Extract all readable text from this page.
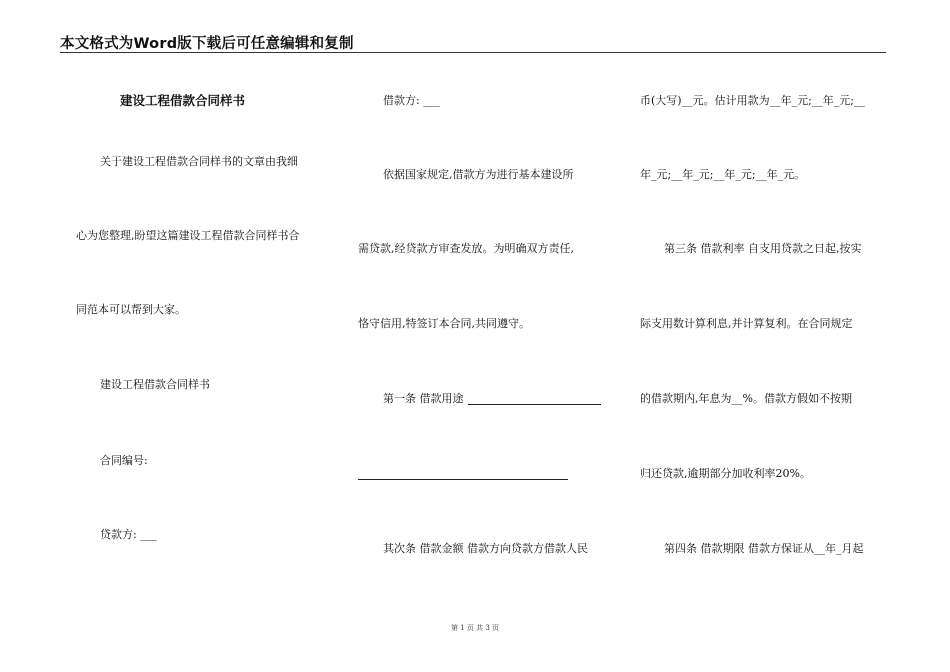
本文格式为Word版下载后可任意编辑和复制
建设工程借款合同样书
关于建设工程借款合同样书的文章由我细
心为您整理,盼望这篇建设工程借款合同样书合
同范本可以帮到大家。
建设工程借款合同样书
合同编号:
贷款方: ___
借款方: ___
依据国家规定,借款方为进行基本建设所
需贷款,经贷款方审查发放。为明确双方责任,
恪守信用,特签订本合同,共同遵守。
第一条 借款用途
其次条 借款金额 借款方向贷款方借款人民
币(大写)__元。估计用款为__年_元;__年_元;__
年_元;__年_元;__年_元;__年_元。
第三条 借款利率 自支用贷款之日起,按实
际支用数计算利息,并计算复利。在合同规定
的借款期内,年息为__%。借款方假如不按期
归还贷款,逾期部分加收利率20%。
第四条 借款期限 借款方保证从__年_月起
第 1 页 共 3 页
